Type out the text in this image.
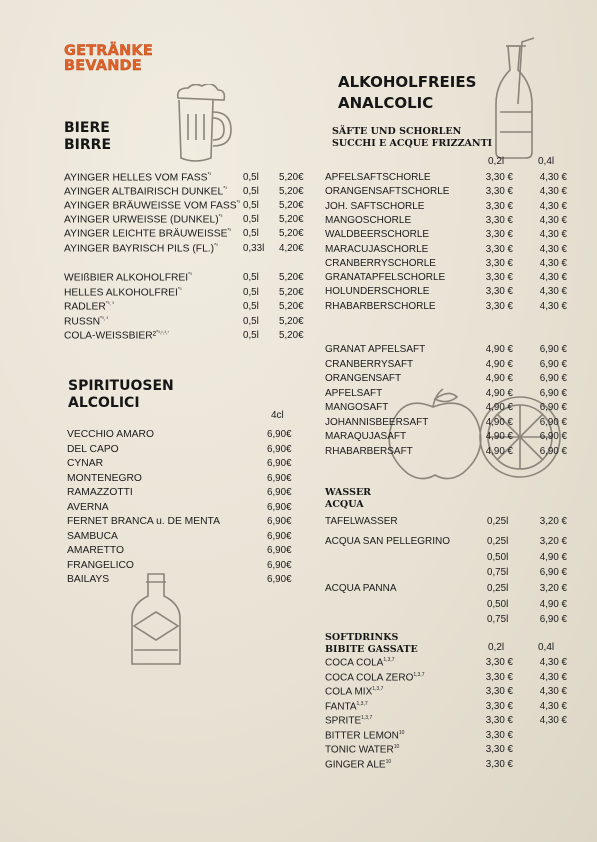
GETRÄNKE
BEVANDE
BIERE
BIRRE
SPIRITUOSEN
ALCOLICI
4cl
ALKOHOLFREIES
ANALCOLIC
SÄFTE UND SCHORLEN
SUCCHI E ACQUE FRIZZANTI
0,2l	0,4l
WASSER
ACQUA
SOFTDRINKS
BIBITE GASSATE	0,2l	0,4l
AYINGER HELLES VOM $FASS^{*^3}$	0,5l 5,20€
AYINGER ALTBAIRISCH $DUNKEL^{*^3}$ 0,5l 5,20€
AYINGER BRÄUWEISSE VOM $FASS^{*^3}$ 0,5l 5,20€
AYINGER URWEISSE (DUNKEL)$^{*^3}$ 0,5l 5,20€
AYINGER LEICHTE $BRÄUWEISSE^{*^3}$ 0,5l 5,20€
AYINGER BAYRISCH PILS $(FL.)^{*^3}$	0,33l 4,20€
WEIßBIER $ALKOHOLFREI^{*^3}$	0,5l 5,20€
HELLES $ALKOHOLFREI^{*^3}$	0,5l 5,20€
$RADLER^{*^3, ^3}$	0,5l 5,20€
$RUSSN^{*^3, ^3}$	0,5l 5,20€
COLA-WEISSBIER²$^{*^3,^1,^3,^7}$	0,5l 5,20€
VECCHIO AMARO	6,90€
DEL CAPO	6,90€
CYNAR	6,90€
MONTENEGRO	6,90€
RAMAZZOTTI	6,90€
AVERNA	6,90€
FERNET BRANCA u. DE MENTA	6,90€
SAMBUCA	6,90€
AMARETTO	6,90€
FRANGELICO	6,90€
BAILAYS	6,90€
APFELSAFTSCHORLE	3,30 €	4,30 €
ORANGENSAFTSCHORLE	3,30 €	4,30 €
JOH. SAFTSCHORLE	3,30 €	4,30 €
MANGOSCHORLE	3,30 €	4,30 €
WALDBEERSCHORLE	3,30 €	4,30 €
MARACUJASCHORLE	3,30 €	4,30 €
CRANBERRYSCHORLE	3,30 €	4,30 €
GRANATAPFELSCHORLE	3,30 €	4,30 €
HOLUNDERSCHORLE	3,30 €	4,30 €
RHABARBERSCHORLE	3,30 €	4,30 €
GRANAT APFELSAFT	4,90 €	6,90 €
CRANBERRYSAFT	4,90 €	6,90 €
ORANGENSAFT	4,90 €	6,90 €
APFELSAFT	4,90 €	6,90 €
MANGOSAFT	4,90 €	6,90 €
JOHANNISBEERSAFT	4,90 €	6,90 €
MARAQUJASAFT	4,90 €	6,90 €
RHABARBERSAFT	4,90 €	6,90 €
TAFELWASSER	0,25l	3,20 €
ACQUA SAN PELLEGRINO	0,25l	3,20 €
0,50l	4,90 €
0,75l	6,90 €
ACQUA PANNA	0,25l	3,20 €
0,50l	4,90 €
0,75l	6,90 €
COCA COLA$^{1,3,7}$	3,30 €	4,30 €
COCA COLA ZERO$^{1,3,7}$	3,30 €	4,30 €
COLA MIX$^{1,3,7}$	3,30 €	4,30 €
FANTA$^{1,3,7}$	3,30 €	4,30 €
SPRITE$^{1,3,7}$	3,30 €	4,30 €
BITTER LEMON$^{10}$	3,30 €
TONIC WATER$^{10}$	3,30 €
GINGER ALE$^{10}$	3,30 €
